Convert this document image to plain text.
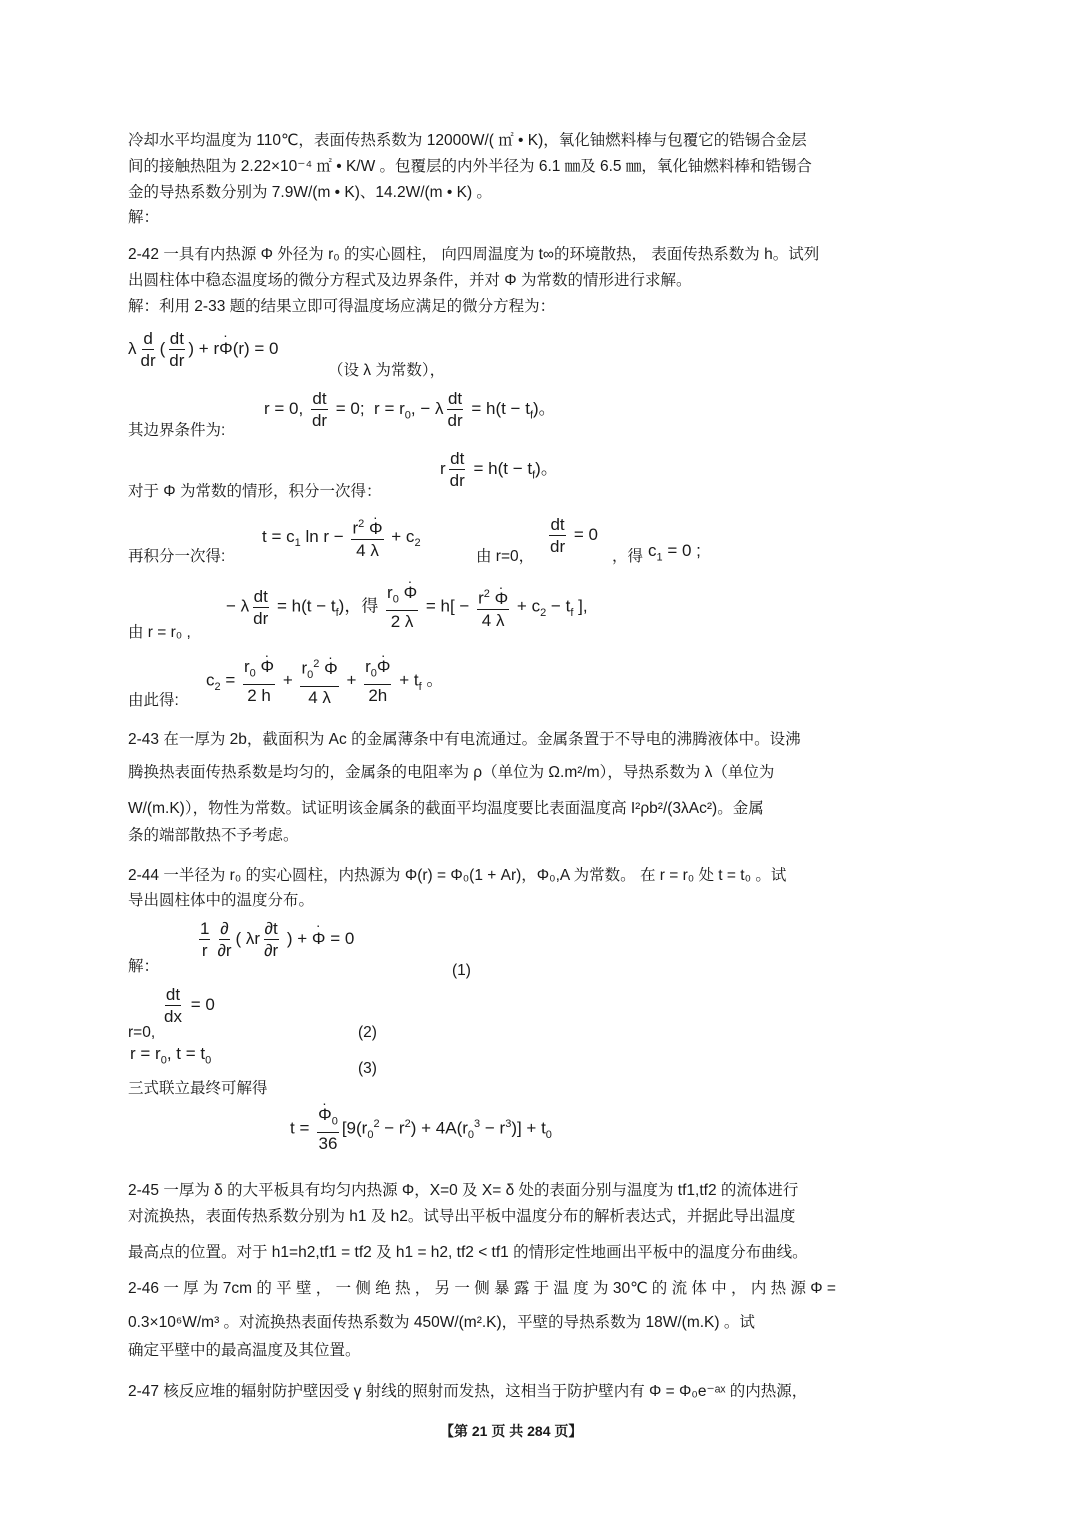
冷却水平均温度为 110℃，表面传热系数为 12000W/( ㎡ • K)，氧化铀燃料棒与包覆它的锆锡合金层
间的接触热阻为 2.22×10⁻⁴ ㎡ • K/W 。包覆层的内外半径为 6.1 ㎜及 6.5 ㎜，氧化铀燃料棒和锆锡合
金的导热系数分别为 7.9W/(m • K)、14.2W/(m • K) 。
解：
2-42 一具有内热源 Φ 外径为 r₀ 的实心圆柱， 向四周温度为 t∞的环境散热， 表面传热系数为 h。试列
出圆柱体中稳态温度场的微分方程式及边界条件，并对 Φ 为常数的情形进行求解。
解：利用 2-33 题的结果立即可得温度场应满足的微分方程为：
λ $\frac{d}{dr}$ ( $\frac{dt}{dr}$ ) + r· Φ(r) = 0
（设 λ 为常数），
其边界条件为:
r = 0, $\frac{dt}{dr} = 0$;  $r = r_0$, − λ $\frac{dt}{dr} = h(t - t_f)$。
对于 Φ 为常数的情形，积分一次得：
r $\frac{dt}{dr} = h(t - t_f)$。
再积分一次得:
$t = c_1$ $\ln r - \frac{r^2 \cdot \Phi}{4 \lambda} + c_2$
由 r=0， $\frac{dt}{dr} = 0$
，得 $c_1 = 0$ ;
由 r = r₀ ,
− λ $\frac{dt}{dr} = h(t - t_f)$，得 $\frac{r_0 \cdot \Phi}{2 \lambda} = h[ - \frac{r^2 \cdot \Phi}{4 \lambda} + c_2 - t_f$ ],
由此得:
$c_2 = \frac{r_0 \cdot \Phi}{2 h} + \frac{r_0^2 \cdot \Phi}{4 \lambda} + \frac{r_0\cdot \Phi}{2h} + t_f$ 。
2-43 在一厚为 2b，截面积为 Ac 的金属薄条中有电流通过。金属条置于不导电的沸腾液体中。设沸
腾换热表面传热系数是均匀的，金属条的电阻率为 ρ（单位为 Ω.m²/m），导热系数为 λ（单位为
W/(m.K)），物性为常数。试证明该金属条的截面平均温度要比表面温度高 I²ρb²/(3λAc²)。金属
条的端部散热不予考虑。
2-44 一半径为 r₀ 的实心圆柱，内热源为 Φ(r) = Φ₀(1 + Ar)，Φ₀,A 为常数。 在 r = r₀ 处 t = t₀ 。试
导出圆柱体中的温度分布。
解：
$\frac{1}{r} \frac{\partial}{\partial r}$ ( λr $\frac{\partial t}{\partial r}$ ) + · Φ = 0
(1)
$\frac{dt}{dx} = 0$
r=0,	(2)
$r = r_0$, $t = t_0$	(3)
三式联立最终可解得
t = · $\frac{\Phi_0}{36} [9(r_0^2 - r^2) + 4A(r_0^3 - r^3)] + t_0$
2-45 一厚为 δ 的大平板具有均匀内热源 Φ，X=0 及 X= δ 处的表面分别与温度为 tf1,tf2 的流体进行
对流换热，表面传热系数分别为 h1 及 h2。试导出平板中温度分布的解析表达式，并据此导出温度
最高点的位置。对于 h1=h2,tf1 = tf2 及 h1 = h2, tf2 < tf1 的情形定性地画出平板中的温度分布曲线。
2-46 一 厚 为 7cm 的 平 壁 ， 一 侧 绝 热 ， 另 一 侧 暴 露 于 温 度 为 30℃ 的 流 体 中 ， 内 热 源 Φ =
0.3×10⁶W/m³ 。对流换热表面传热系数为 450W/(m².K)，平壁的导热系数为 18W/(m.K) 。试
确定平壁中的最高温度及其位置。
2-47 核反应堆的辐射防护壁因受 γ 射线的照射而发热，这相当于防护壁内有 Φ = Φ₀e⁻ᵃˣ 的内热源，
【第 21 页 共 284 页】
